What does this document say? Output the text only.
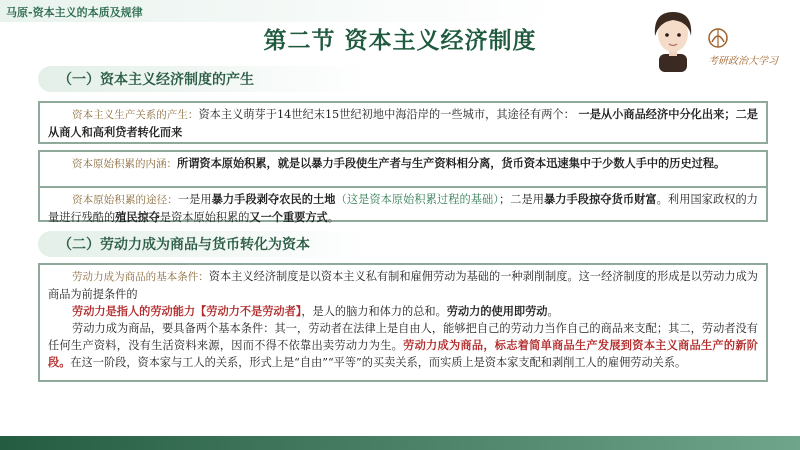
马原-资本主义的本质及规律
第二节 资本主义经济制度
考研政治大学习
（一）资本主义经济制度的产生

资本主义生产关系的产生：资本主义萌芽于14世纪末15世纪初地中海沿岸的一些城市，其途径有两个： 一是从小商品经济中分化出来；二是从商人和高利贷者转化而来

资本原始积累的内涵：所谓资本原始积累，就是以暴力手段使生产者与生产资料相分离，货币资本迅速集中于少数人手中的历史过程。

资本原始积累的途径：一是用暴力手段剥夺农民的土地（这是资本原始积累过程的基础）；二是用暴力手段掠夺货币财富。利用国家政权的力量进行残酷的殖民掠夺是资本原始积累的又一个重要方式。

（二）劳动力成为商品与货币转化为资本

劳动力成为商品的基本条件：资本主义经济制度是以资本主义私有制和雇佣劳动为基础的一种剥削制度。这一经济制度的形成是以劳动力成为商品为前提条件的

劳动力是指人的劳动能力【劳动力不是劳动者】，是人的脑力和体力的总和。劳动力的使用即劳动。

劳动力成为商品，要具备两个基本条件：其一，劳动者在法律上是自由人，能够把自己的劳动力当作自己的商品来支配；其二，劳动者没有任何生产资料，没有生活资料来源，因而不得不依靠出卖劳动力为生。劳动力成为商品，标志着简单商品生产发展到资本主义商品生产的新阶段。在这一阶段，资本家与工人的关系，形式上是“自由”“平等”的买卖关系，而实质上是资本家支配和剥削工人的雇佣劳动关系。
